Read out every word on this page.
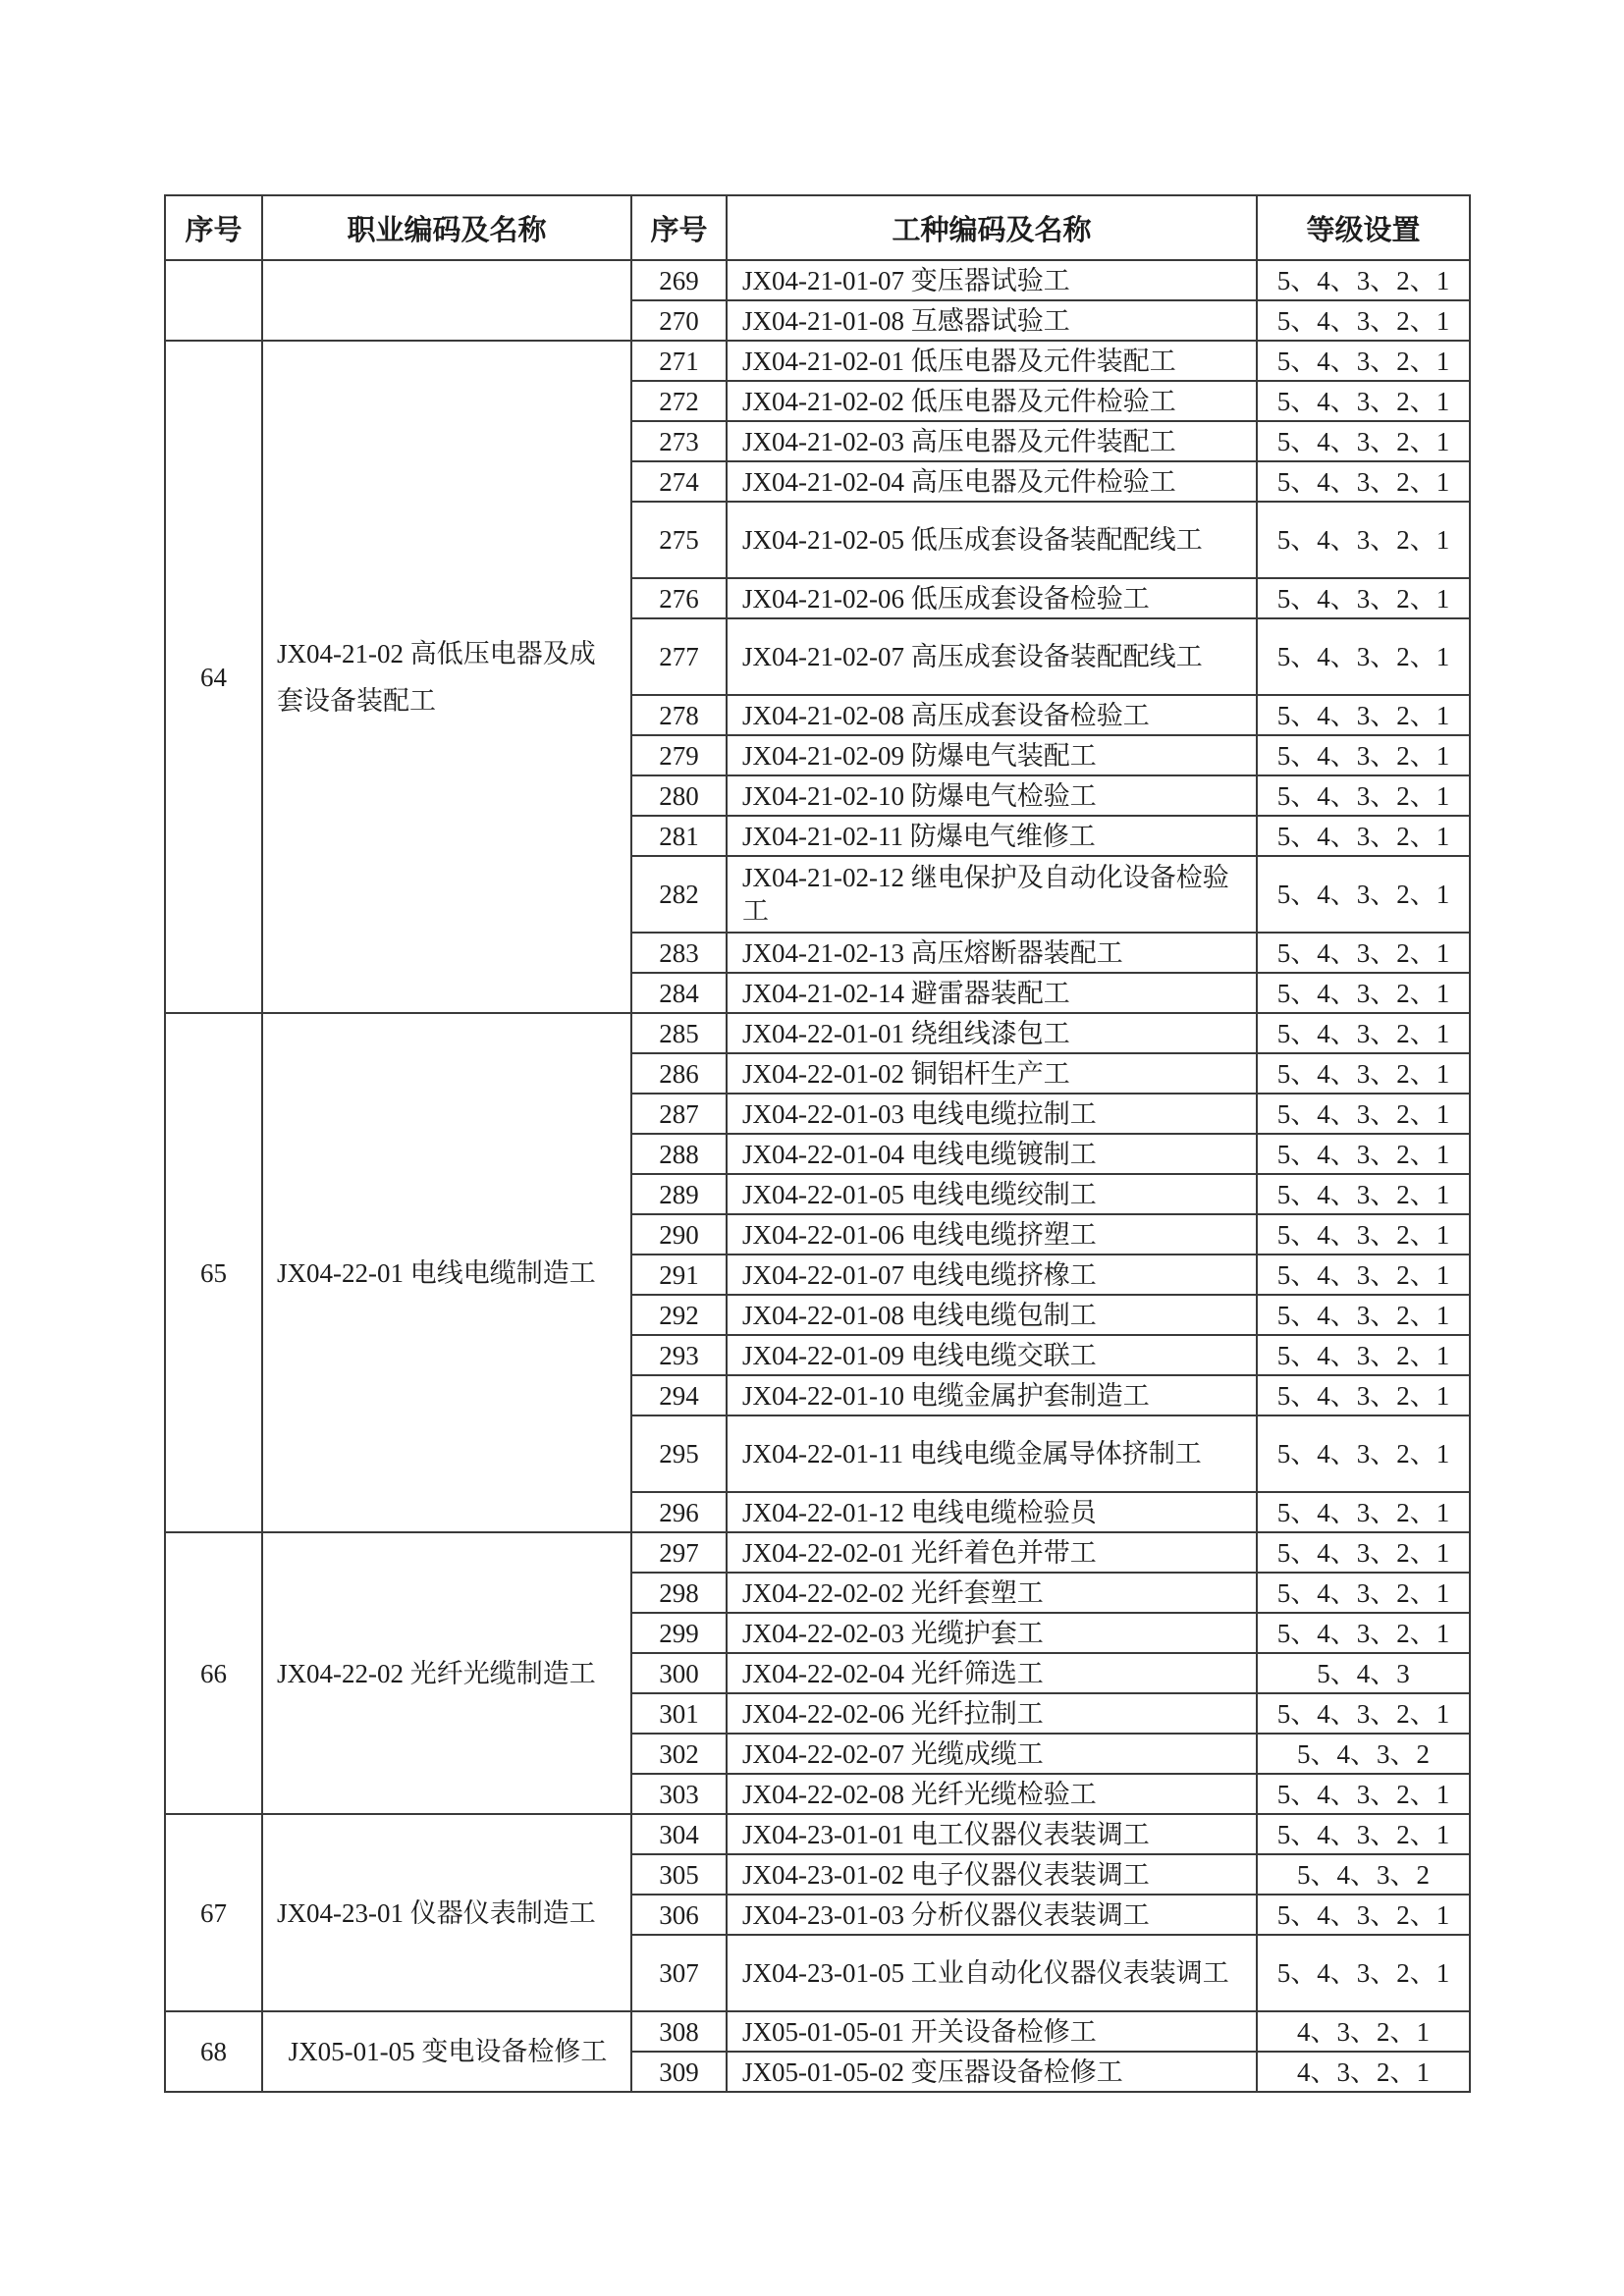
序号	职业编码及名称	序号	工种编码及名称	等级设置
		269	JX04-21-01-07 变压器试验工	5、4、3、2、1
		270	JX04-21-01-08 互感器试验工	5、4、3、2、1
64	JX04-21-02 高低压电器及成套设备装配工	271	JX04-21-02-01 低压电器及元件装配工	5、4、3、2、1
		272	JX04-21-02-02 低压电器及元件检验工	5、4、3、2、1
		273	JX04-21-02-03 高压电器及元件装配工	5、4、3、2、1
		274	JX04-21-02-04 高压电器及元件检验工	5、4、3、2、1
		275	JX04-21-02-05 低压成套设备装配配线工	5、4、3、2、1
		276	JX04-21-02-06 低压成套设备检验工	5、4、3、2、1
		277	JX04-21-02-07 高压成套设备装配配线工	5、4、3、2、1
		278	JX04-21-02-08 高压成套设备检验工	5、4、3、2、1
		279	JX04-21-02-09 防爆电气装配工	5、4、3、2、1
		280	JX04-21-02-10 防爆电气检验工	5、4、3、2、1
		281	JX04-21-02-11 防爆电气维修工	5、4、3、2、1
		282	JX04-21-02-12 继电保护及自动化设备检验工	5、4、3、2、1
		283	JX04-21-02-13 高压熔断器装配工	5、4、3、2、1
		284	JX04-21-02-14 避雷器装配工	5、4、3、2、1
65	JX04-22-01 电线电缆制造工	285	JX04-22-01-01 绕组线漆包工	5、4、3、2、1
		286	JX04-22-01-02 铜铝杆生产工	5、4、3、2、1
		287	JX04-22-01-03 电线电缆拉制工	5、4、3、2、1
		288	JX04-22-01-04 电线电缆镀制工	5、4、3、2、1
		289	JX04-22-01-05 电线电缆绞制工	5、4、3、2、1
		290	JX04-22-01-06 电线电缆挤塑工	5、4、3、2、1
		291	JX04-22-01-07 电线电缆挤橡工	5、4、3、2、1
		292	JX04-22-01-08 电线电缆包制工	5、4、3、2、1
		293	JX04-22-01-09 电线电缆交联工	5、4、3、2、1
		294	JX04-22-01-10 电缆金属护套制造工	5、4、3、2、1
		295	JX04-22-01-11 电线电缆金属导体挤制工	5、4、3、2、1
		296	JX04-22-01-12 电线电缆检验员	5、4、3、2、1
66	JX04-22-02 光纤光缆制造工	297	JX04-22-02-01 光纤着色并带工	5、4、3、2、1
		298	JX04-22-02-02 光纤套塑工	5、4、3、2、1
		299	JX04-22-02-03 光缆护套工	5、4、3、2、1
		300	JX04-22-02-04 光纤筛选工	5、4、3
		301	JX04-22-02-06 光纤拉制工	5、4、3、2、1
		302	JX04-22-02-07 光缆成缆工	5、4、3、2
		303	JX04-22-02-08 光纤光缆检验工	5、4、3、2、1
67	JX04-23-01 仪器仪表制造工	304	JX04-23-01-01 电工仪器仪表装调工	5、4、3、2、1
		305	JX04-23-01-02 电子仪器仪表装调工	5、4、3、2
		306	JX04-23-01-03 分析仪器仪表装调工	5、4、3、2、1
		307	JX04-23-01-05 工业自动化仪器仪表装调工	5、4、3、2、1
68	JX05-01-05 变电设备检修工	308	JX05-01-05-01 开关设备检修工	4、3、2、1
		309	JX05-01-05-02 变压器设备检修工	4、3、2、1
